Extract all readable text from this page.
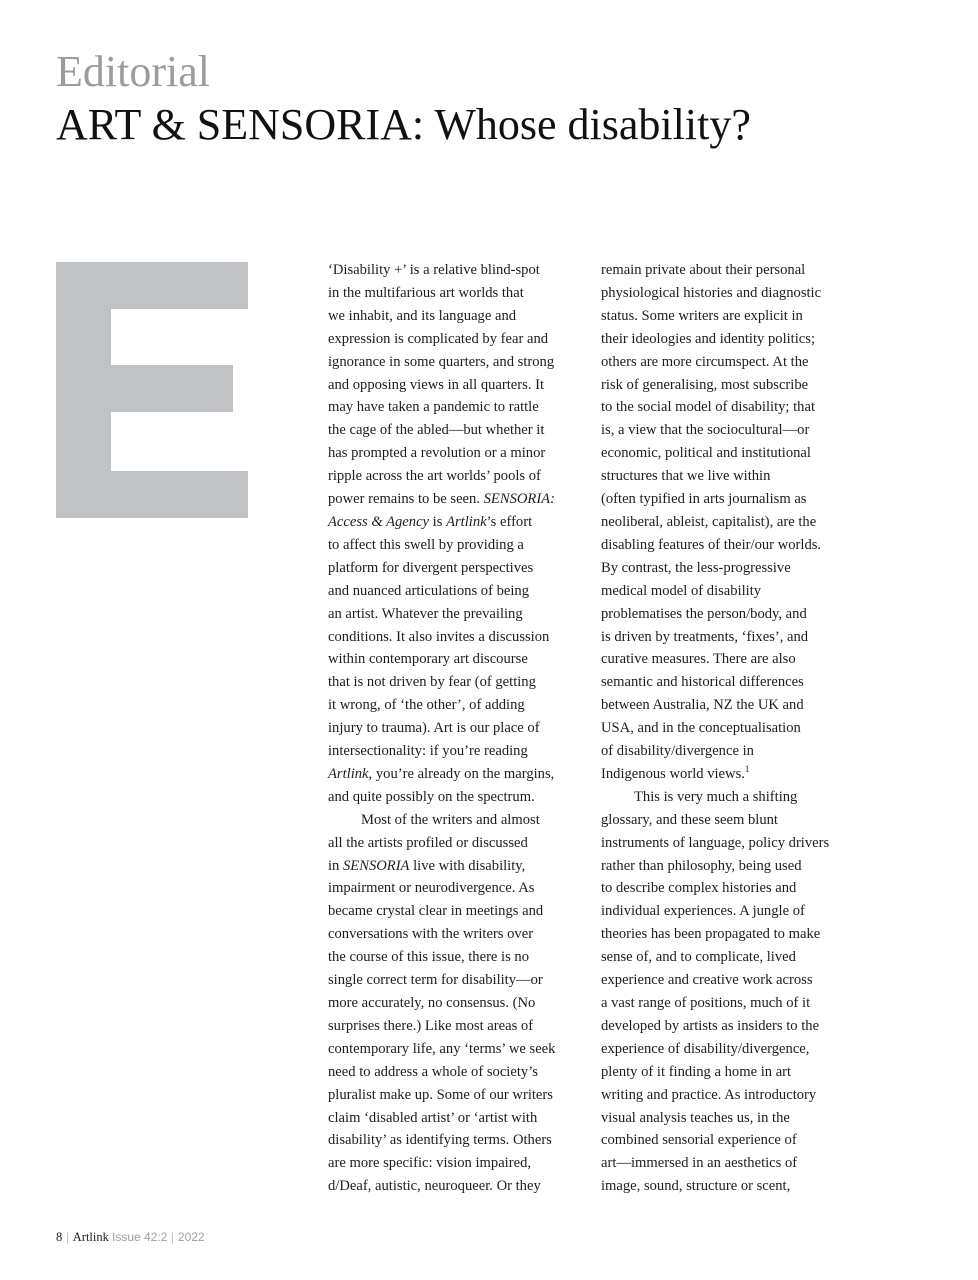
Editorial
ART & SENSORIA: Whose disability?
‘Disability +’ is a relative blind-spot
in the multifarious art worlds that
we inhabit, and its language and
expression is complicated by fear and
ignorance in some quarters, and strong
and opposing views in all quarters. It
may have taken a pandemic to rattle
the cage of the abled—but whether it
has prompted a revolution or a minor
ripple across the art worlds’ pools of
power remains to be seen. SENSORIA:
Access & Agency is Artlink’s effort
to affect this swell by providing a
platform for divergent perspectives
and nuanced articulations of being
an artist. Whatever the prevailing
conditions. It also invites a discussion
within contemporary art discourse
that is not driven by fear (of getting
it wrong, of ‘the other’, of adding
injury to trauma). Art is our place of
intersectionality: if you’re reading
Artlink, you’re already on the margins,
and quite possibly on the spectrum.
Most of the writers and almost
all the artists profiled or discussed
in SENSORIA live with disability,
impairment or neurodivergence. As
became crystal clear in meetings and
conversations with the writers over
the course of this issue, there is no
single correct term for disability—or
more accurately, no consensus. (No
surprises there.) Like most areas of
contemporary life, any ‘terms’ we seek
need to address a whole of society’s
pluralist make up. Some of our writers
claim ‘disabled artist’ or ‘artist with
disability’ as identifying terms. Others
are more specific: vision impaired,
d/Deaf, autistic, neuroqueer. Or they
remain private about their personal
physiological histories and diagnostic
status. Some writers are explicit in
their ideologies and identity politics;
others are more circumspect. At the
risk of generalising, most subscribe
to the social model of disability; that
is, a view that the sociocultural—or
economic, political and institutional
structures that we live within
(often typified in arts journalism as
neoliberal, ableist, capitalist), are the
disabling features of their/our worlds.
By contrast, the less-progressive
medical model of disability
problematises the person/body, and
is driven by treatments, ‘fixes’, and
curative measures. There are also
semantic and historical differences
between Australia, NZ the UK and
USA, and in the conceptualisation
of disability/divergence in
Indigenous world views.$^1$
This is very much a shifting
glossary, and these seem blunt
instruments of language, policy drivers
rather than philosophy, being used
to describe complex histories and
individual experiences. A jungle of
theories has been propagated to make
sense of, and to complicate, lived
experience and creative work across
a vast range of positions, much of it
developed by artists as insiders to the
experience of disability/divergence,
plenty of it finding a home in art
writing and practice. As introductory
visual analysis teaches us, in the
combined sensorial experience of
art—immersed in an aesthetics of
image, sound, structure or scent,
8 | Artlink Issue 42:2 | 2022
